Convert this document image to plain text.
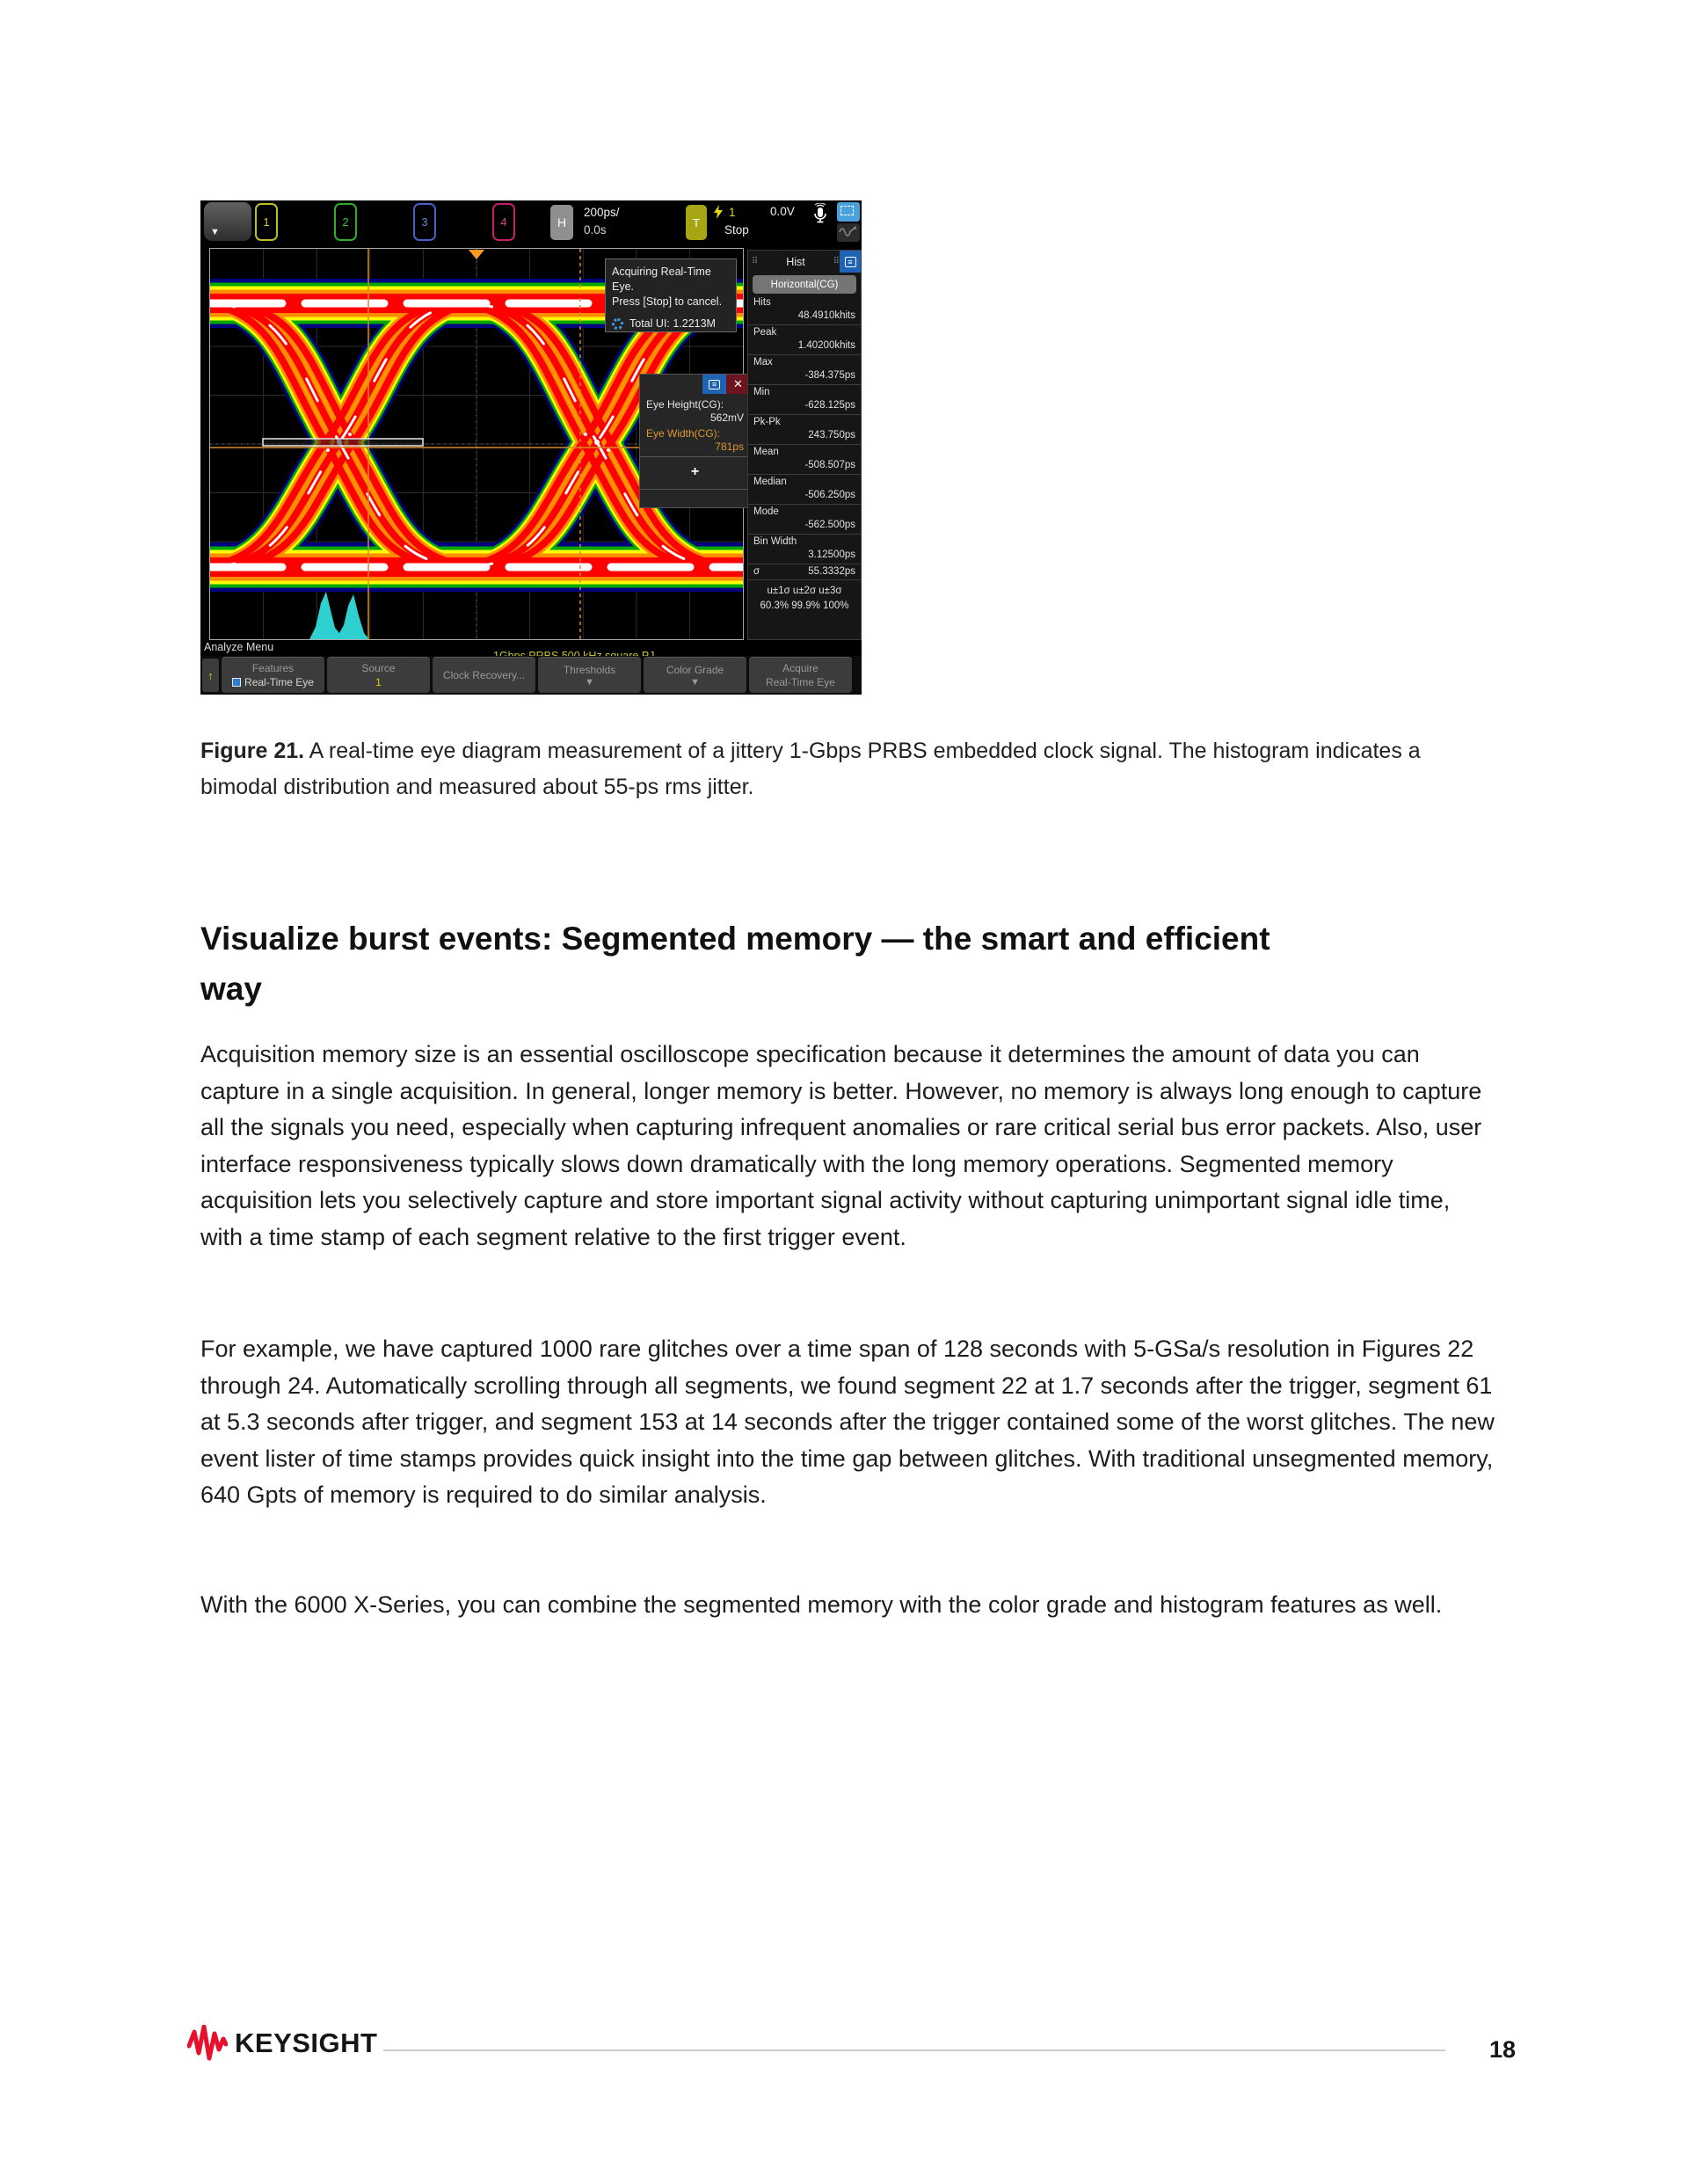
▼
1	2	3	4	H
200ps/
0.0s
T
1	0.0V
Stop
Acquiring Real-Time Eye.
Press [Stop] to cancel.
Total UI: 1.2213M
≡ ✕
Eye Height(CG):
562mV
Eye Width(CG):
781ps
+
⠿	Hist	⠿	≡
Horizontal(CG)
Hits
48.4910khits
Peak
1.40200khits
Max
-384.375ps
Min
-628.125ps
Pk-Pk
243.750ps
Mean
-508.507ps
Median
-506.250ps
Mode
-562.500ps
Bin Width
3.12500ps
σ	55.3332ps
u±1σ u±2σ u±3σ
60.3% 99.9% 100%
Analyze Menu
↑
Features
Real-Time Eye
Source
1
Clock Recovery...	Thresholds
▼
Color Grade
▼
Acquire
Real-Time Eye
Figure 21. A real-time eye diagram measurement of a jittery 1-Gbps PRBS embedded clock signal. The histogram indicates a bimodal distribution and measured about 55-ps rms jitter.
Visualize burst events: Segmented memory — the smart and efficient way

Acquisition memory size is an essential oscilloscope specification because it determines the amount of data you can capture in a single acquisition. In general, longer memory is better. However, no memory is always long enough to capture all the signals you need, especially when capturing infrequent anomalies or rare critical serial bus error packets. Also, user interface responsiveness typically slows down dramatically with the long memory operations. Segmented memory acquisition lets you selectively capture and store important signal activity without capturing unimportant signal idle time, with a time stamp of each segment relative to the first trigger event.

For example, we have captured 1000 rare glitches over a time span of 128 seconds with 5-GSa/s resolution in Figures 22 through 24. Automatically scrolling through all segments, we found segment 22 at 1.7 seconds after the trigger, segment 61 at 5.3 seconds after trigger, and segment 153 at 14 seconds after the trigger contained some of the worst glitches. The new event lister of time stamps provides quick insight into the time gap between glitches. With traditional unsegmented memory, 640 Gpts of memory is required to do similar analysis.

With the 6000 X-Series, you can combine the segmented memory with the color grade and histogram features as well.

KEYSIGHT	18
